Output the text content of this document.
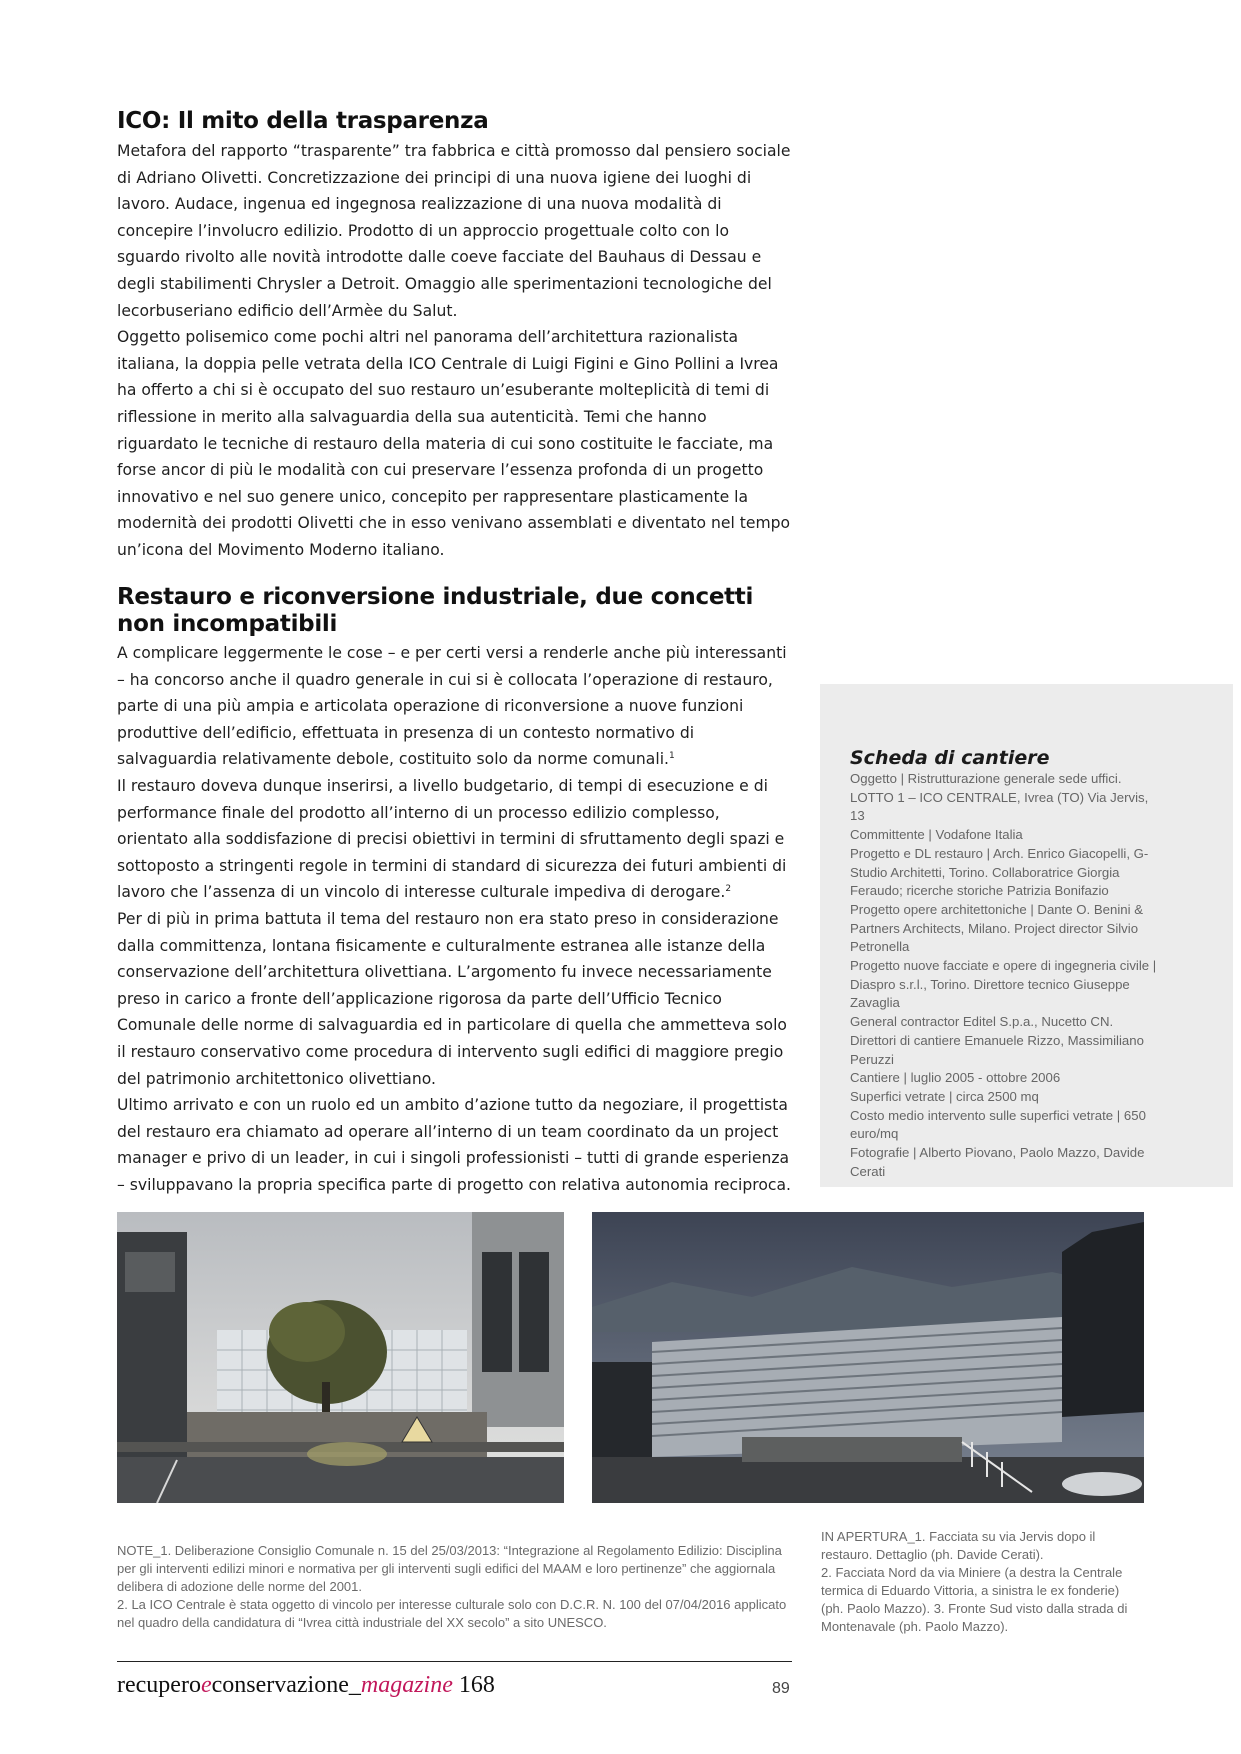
ICO: Il mito della trasparenza

Metafora del rapporto “trasparente” tra fabbrica e città promosso dal pensiero sociale di Adriano Olivetti. Concretizzazione dei principi di una nuova igiene dei luoghi di lavoro. Audace, ingenua ed ingegnosa realizzazione di una nuova modalità di concepire l’involucro edilizio. Prodotto di un approccio progettuale colto con lo sguardo rivolto alle novità introdotte dalle coeve facciate del Bauhaus di Dessau e degli stabilimenti Chrysler a Detroit. Omaggio alle sperimentazioni tecnologiche del lecorbuseriano edificio dell’Armèe du Salut.

Oggetto polisemico come pochi altri nel panorama dell’architettura razionalista italiana, la doppia pelle vetrata della ICO Centrale di Luigi Figini e Gino Pollini a Ivrea ha offerto a chi si è occupato del suo restauro un’esuberante molteplicità di temi di riflessione in merito alla salvaguardia della sua autenticità. Temi che hanno riguardato le tecniche di restauro della materia di cui sono costituite le facciate, ma forse ancor di più le modalità con cui preservare l’essenza profonda di un progetto innovativo e nel suo genere unico, concepito per rappresentare plasticamente la modernità dei prodotti Olivetti che in esso venivano assemblati e diventato nel tempo un’icona del Movimento Moderno italiano.

Restauro e riconversione industriale, due concetti non incompatibili

A complicare leggermente le cose – e per certi versi a renderle anche più interessanti – ha concorso anche il quadro generale in cui si è collocata l’operazione di restauro, parte di una più ampia e articolata operazione di riconversione a nuove funzioni produttive dell’edificio, effettuata in presenza di un contesto normativo di salvaguardia relativamente debole, costituito solo da norme comunali.$^1$

Il restauro doveva dunque inserirsi, a livello budgetario, di tempi di esecuzione e di performance finale del prodotto all’interno di un processo edilizio complesso, orientato alla soddisfazione di precisi obiettivi in termini di sfruttamento degli spazi e sottoposto a stringenti regole in termini di standard di sicurezza dei futuri ambienti di lavoro che l’assenza di un vincolo di interesse culturale impediva di derogare.$^2$

Per di più in prima battuta il tema del restauro non era stato preso in considerazione dalla committenza, lontana fisicamente e culturalmente estranea alle istanze della conservazione dell’architettura olivettiana. L’argomento fu invece necessariamente preso in carico a fronte dell’applicazione rigorosa da parte dell’Ufficio Tecnico Comunale delle norme di salvaguardia ed in particolare di quella che ammetteva solo il restauro conservativo come procedura di intervento sugli edifici di maggiore pregio del patrimonio architettonico olivettiano.

Ultimo arrivato e con un ruolo ed un ambito d’azione tutto da negoziare, il progettista del restauro era chiamato ad operare all’interno di un team coordinato da un project manager e privo di un leader, in cui i singoli professionisti – tutti di grande esperienza – sviluppavano la propria specifica parte di progetto con relativa autonomia reciproca.

Scheda di cantiere

Oggetto | Ristrutturazione generale sede uffici. LOTTO 1 – ICO CENTRALE, Ivrea (TO) Via Jervis, 13

Committente | Vodafone Italia

Progetto e DL restauro | Arch. Enrico Giacopelli, G-Studio Architetti, Torino. Collaboratrice Giorgia Feraudo; ricerche storiche Patrizia Bonifazio

Progetto opere architettoniche | Dante O. Benini & Partners Architects, Milano. Project director Silvio Petronella

Progetto nuove facciate e opere di ingegneria civile | Diaspro s.r.l., Torino. Direttore tecnico Giuseppe Zavaglia

General contractor Editel S.p.a., Nucetto CN. Direttori di cantiere Emanuele Rizzo, Massimiliano Peruzzi

Cantiere | luglio 2005 - ottobre 2006

Superfici vetrate | circa 2500 mq

Costo medio intervento sulle superfici vetrate | 650 euro/mq

Fotografie | Alberto Piovano, Paolo Mazzo, Davide Cerati

NOTE_1. Deliberazione Consiglio Comunale n. 15 del 25/03/2013: “Integrazione al Regolamento Edilizio: Disciplina per gli interventi edilizi minori e normativa per gli interventi sugli edifici del MAAM e loro pertinenze” che aggiornala delibera di adozione delle norme del 2001.

2. La ICO Centrale è stata oggetto di vincolo per interesse culturale solo con D.C.R. N. 100 del 07/04/2016 applicato nel quadro della candidatura di “Ivrea città industriale del XX secolo” a sito UNESCO.

IN APERTURA_1. Facciata su via Jervis dopo il restauro. Dettaglio (ph. Davide Cerati).

2. Facciata Nord da via Miniere (a destra la Centrale termica di Eduardo Vittoria, a sinistra le ex fonderie) (ph. Paolo Mazzo). 3. Fronte Sud visto dalla strada di Montenavale (ph. Paolo Mazzo).

recuperoeconservazione_magazine 168	89
